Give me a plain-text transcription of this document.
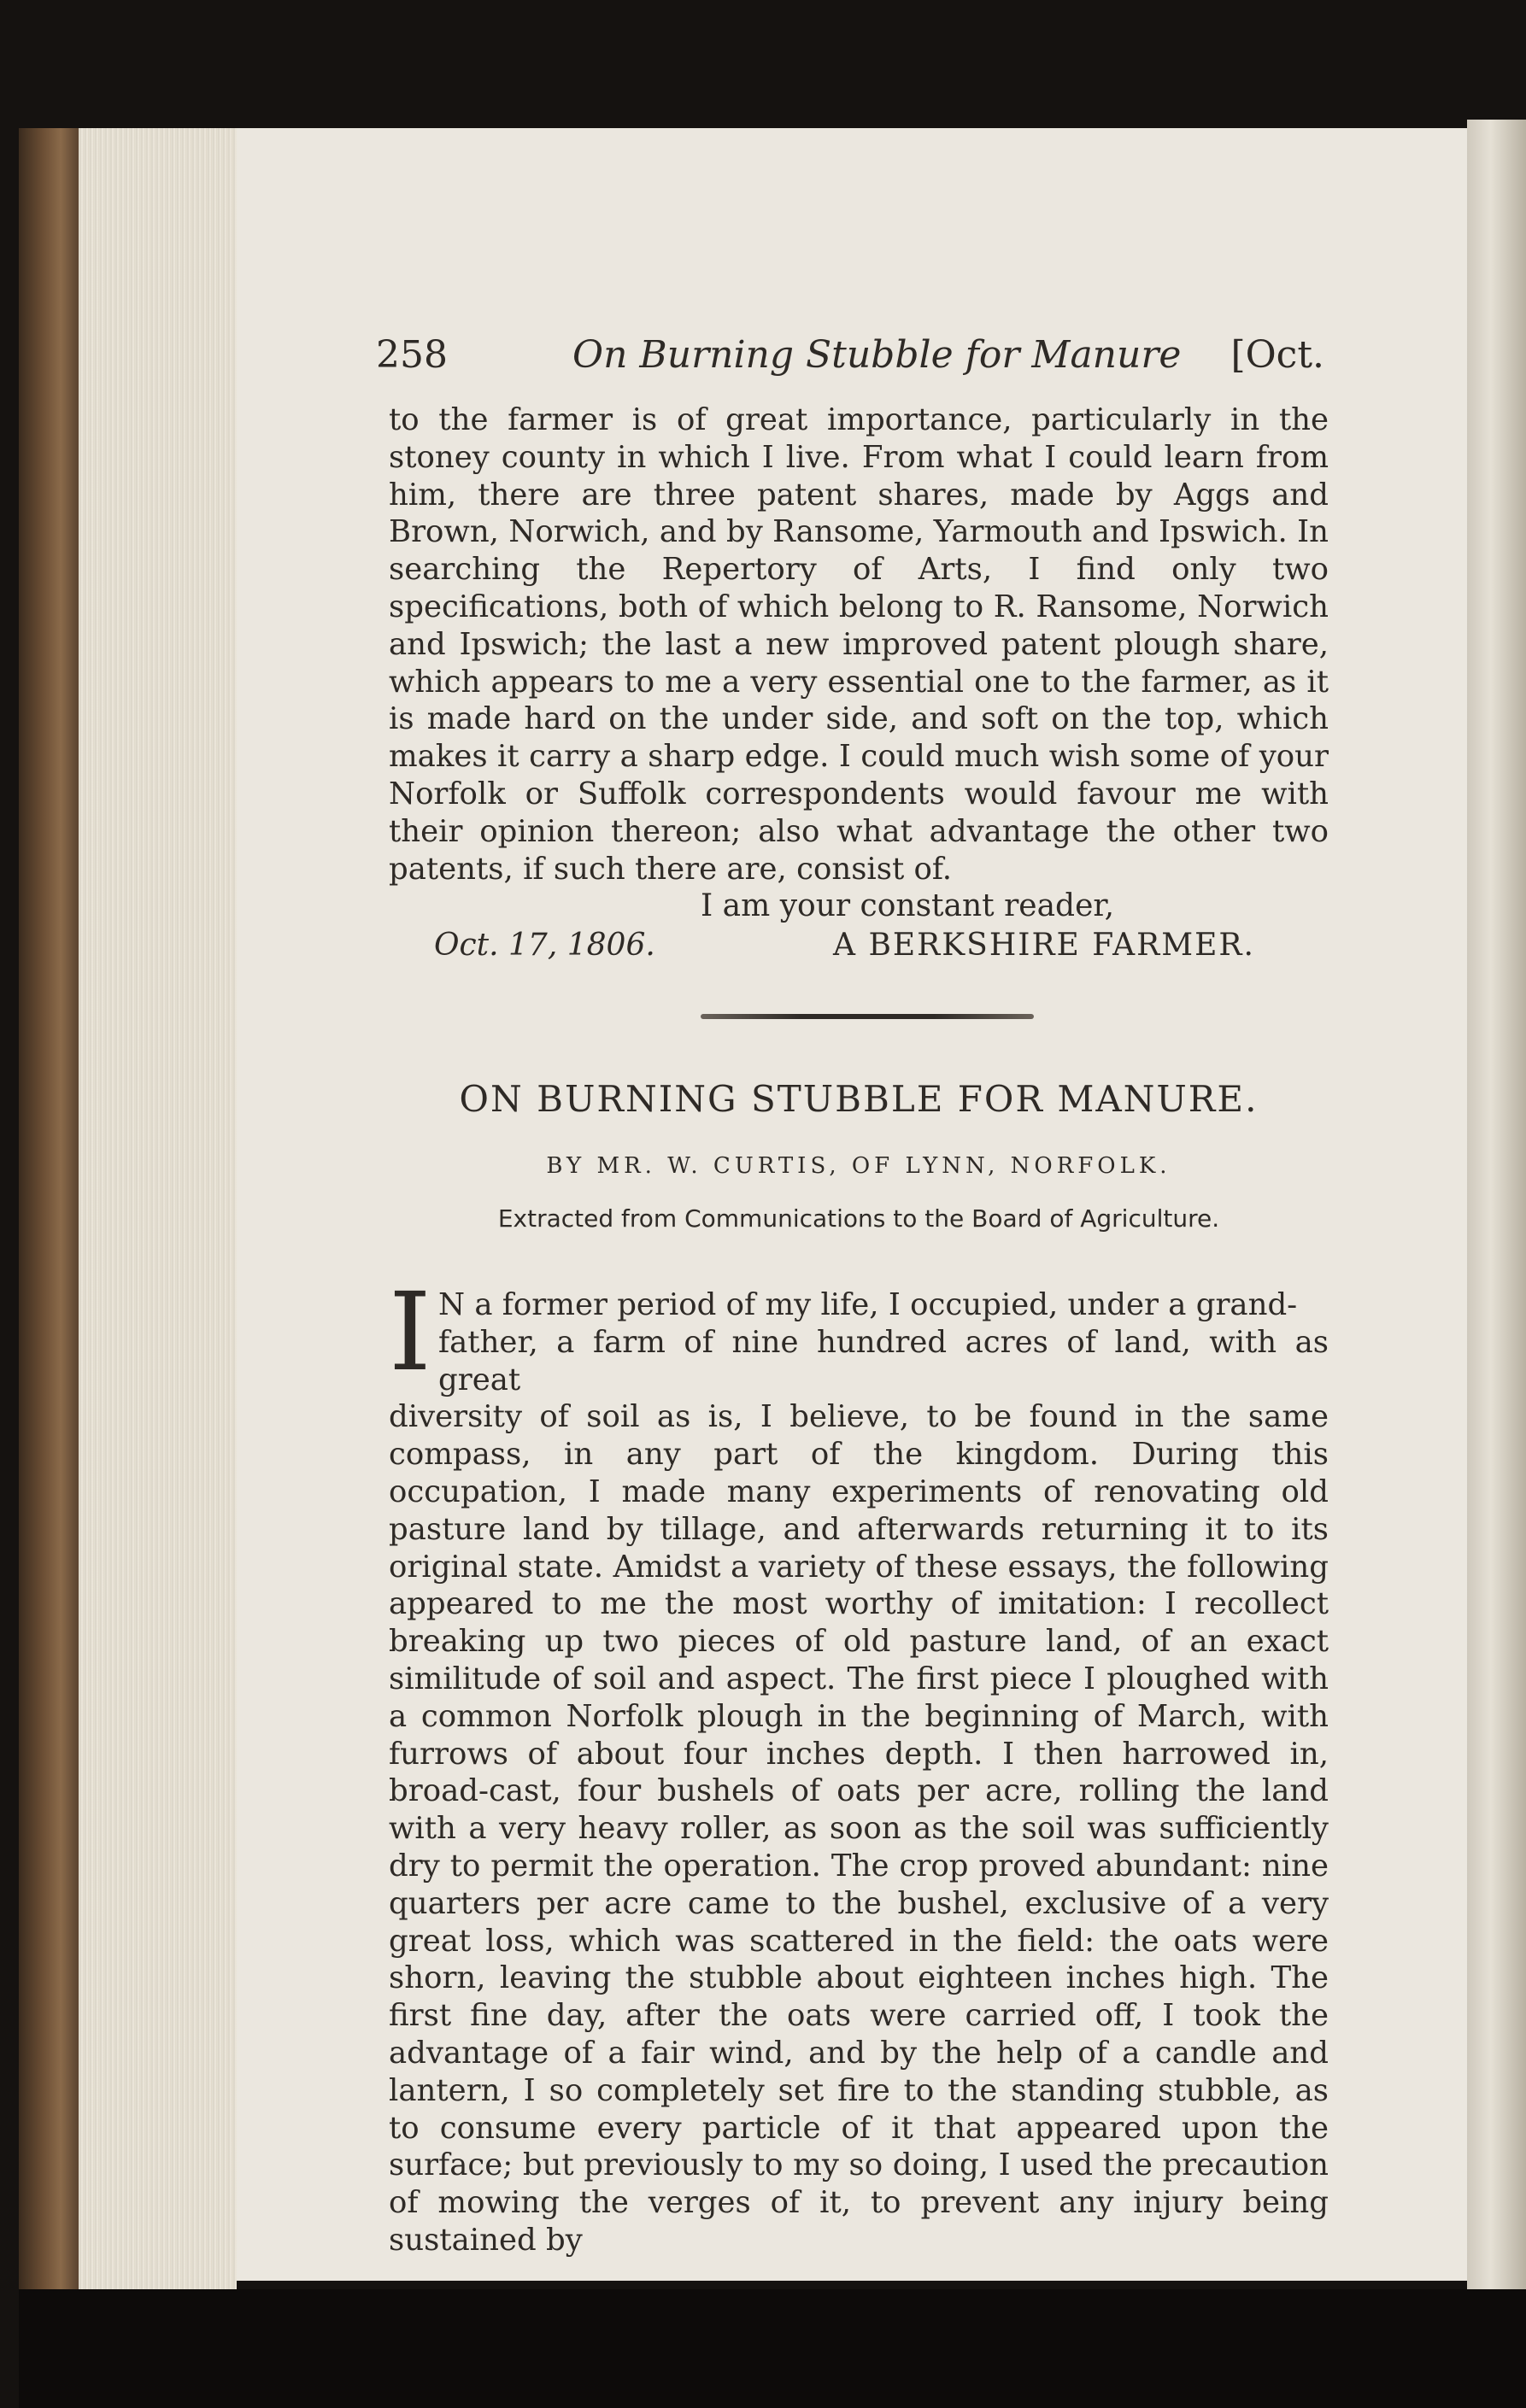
258	On Burning Stubble for Manure [Oct.

to the farmer is of great importance, particularly in the stoney county in which I live. From what I could learn from him, there are three patent shares, made by Aggs and Brown, Norwich, and by Ransome, Yarmouth and Ipswich. In searching the Repertory of Arts, I find only two specifications, both of which belong to R. Ransome, Norwich and Ipswich; the last a new improved patent plough share, which appears to me a very essential one to the farmer, as it is made hard on the under side, and soft on the top, which makes it carry a sharp edge. I could much wish some of your Norfolk or Suffolk correspondents would favour me with their opinion thereon; also what advantage the other two patents, if such there are, consist of.

I am your constant reader,
Oct. 17, 1806.	A BERKSHIRE FARMER.
ON BURNING STUBBLE FOR MANURE.
BY MR. W. CURTIS, OF LYNN, NORFOLK.
Extracted from Communications to the Board of Agriculture.
I N a former period of my life, I occupied, under a grand-
father, a farm of nine hundred acres of land, with as great
diversity of soil as is, I believe, to be found in the same compass, in any part of the kingdom. During this occupation, I made many experiments of renovating old pasture land by tillage, and afterwards returning it to its original state. Amidst a variety of these essays, the following appeared to me the most worthy of imitation: I recollect breaking up two pieces of old pasture land, of an exact similitude of soil and aspect. The first piece I ploughed with a common Norfolk plough in the beginning of March, with furrows of about four inches depth. I then harrowed in, broad-cast, four bushels of oats per acre, rolling the land with a very heavy roller, as soon as the soil was sufficiently dry to permit the operation. The crop proved abundant: nine quarters per acre came to the bushel, exclusive of a very great loss, which was scattered in the field: the oats were shorn, leaving the stubble about eighteen inches high. The first fine day, after the oats were carried off, I took the advantage of a fair wind, and by the help of a candle and lantern, I so completely set fire to the standing stubble, as to consume every particle of it that appeared upon the surface; but previously to my so doing, I used the precaution of mowing the verges of it, to prevent any injury being sustained by
